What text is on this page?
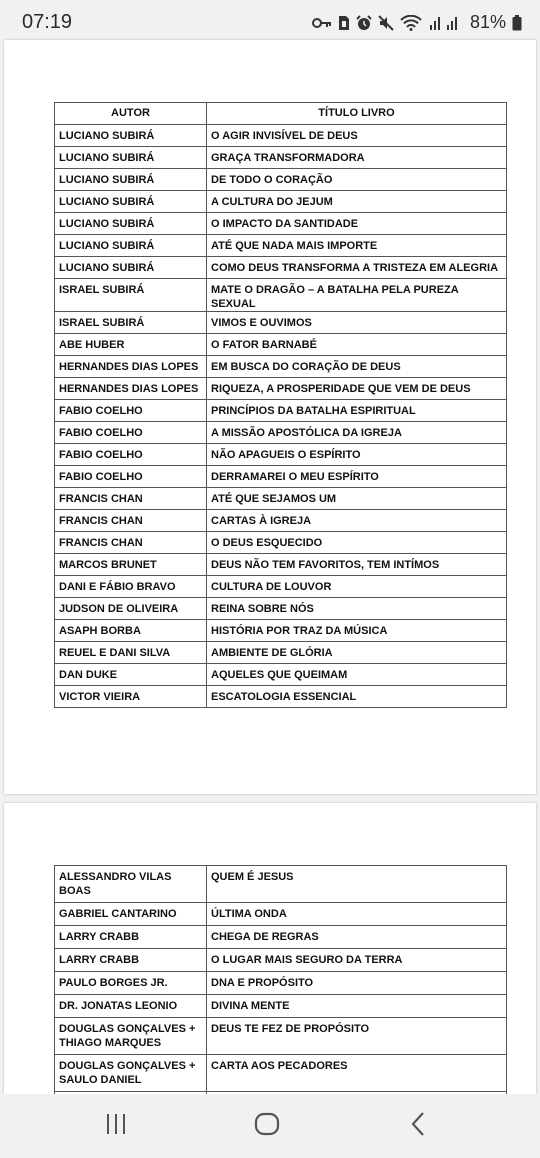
07:19	81%
AUTOR	TÍTULO LIVRO
LUCIANO SUBIRÁ	O AGIR INVISÍVEL DE DEUS
LUCIANO SUBIRÁ	GRAÇA TRANSFORMADORA
LUCIANO SUBIRÁ	DE TODO O CORAÇÃO
LUCIANO SUBIRÁ	A CULTURA DO JEJUM
LUCIANO SUBIRÁ	O IMPACTO DA SANTIDADE
LUCIANO SUBIRÁ	ATÉ QUE NADA MAIS IMPORTE
LUCIANO SUBIRÁ	COMO DEUS TRANSFORMA A TRISTEZA EM ALEGRIA
ISRAEL SUBIRÁ	MATE O DRAGÃO – A BATALHA PELA PUREZA SEXUAL
ISRAEL SUBIRÁ	VIMOS E OUVIMOS
ABE HUBER	O FATOR BARNABÉ
HERNANDES DIAS LOPES	EM BUSCA DO CORAÇÃO DE DEUS
HERNANDES DIAS LOPES	RIQUEZA, A PROSPERIDADE QUE VEM DE DEUS
FABIO COELHO	PRINCÍPIOS DA BATALHA ESPIRITUAL
FABIO COELHO	A MISSÃO APOSTÓLICA DA IGREJA
FABIO COELHO	NÃO APAGUEIS O ESPÍRITO
FABIO COELHO	DERRAMAREI O MEU ESPÍRITO
FRANCIS CHAN	ATÉ QUE SEJAMOS UM
FRANCIS CHAN	CARTAS À IGREJA
FRANCIS CHAN	O DEUS ESQUECIDO
MARCOS BRUNET	DEUS NÃO TEM FAVORITOS, TEM INTÍMOS
DANI E FÁBIO BRAVO	CULTURA DE LOUVOR
JUDSON DE OLIVEIRA	REINA SOBRE NÓS
ASAPH BORBA	HISTÓRIA POR TRAZ DA MÚSICA
REUEL E DANI SILVA	AMBIENTE DE GLÓRIA
DAN DUKE	AQUELES QUE QUEIMAM
VICTOR VIEIRA	ESCATOLOGIA ESSENCIAL
ALESSANDRO VILAS BOAS	QUEM É JESUS
GABRIEL CANTARINO	ÚLTIMA ONDA
LARRY CRABB	CHEGA DE REGRAS
LARRY CRABB	O LUGAR MAIS SEGURO DA TERRA
PAULO BORGES JR.	DNA E PROPÓSITO
DR. JONATAS LEONIO	DIVINA MENTE
DOUGLAS GONÇALVES + THIAGO MARQUES	DEUS TE FEZ DE PROPÓSITO
DOUGLAS GONÇALVES + SAULO DANIEL	CARTA AOS PECADORES
